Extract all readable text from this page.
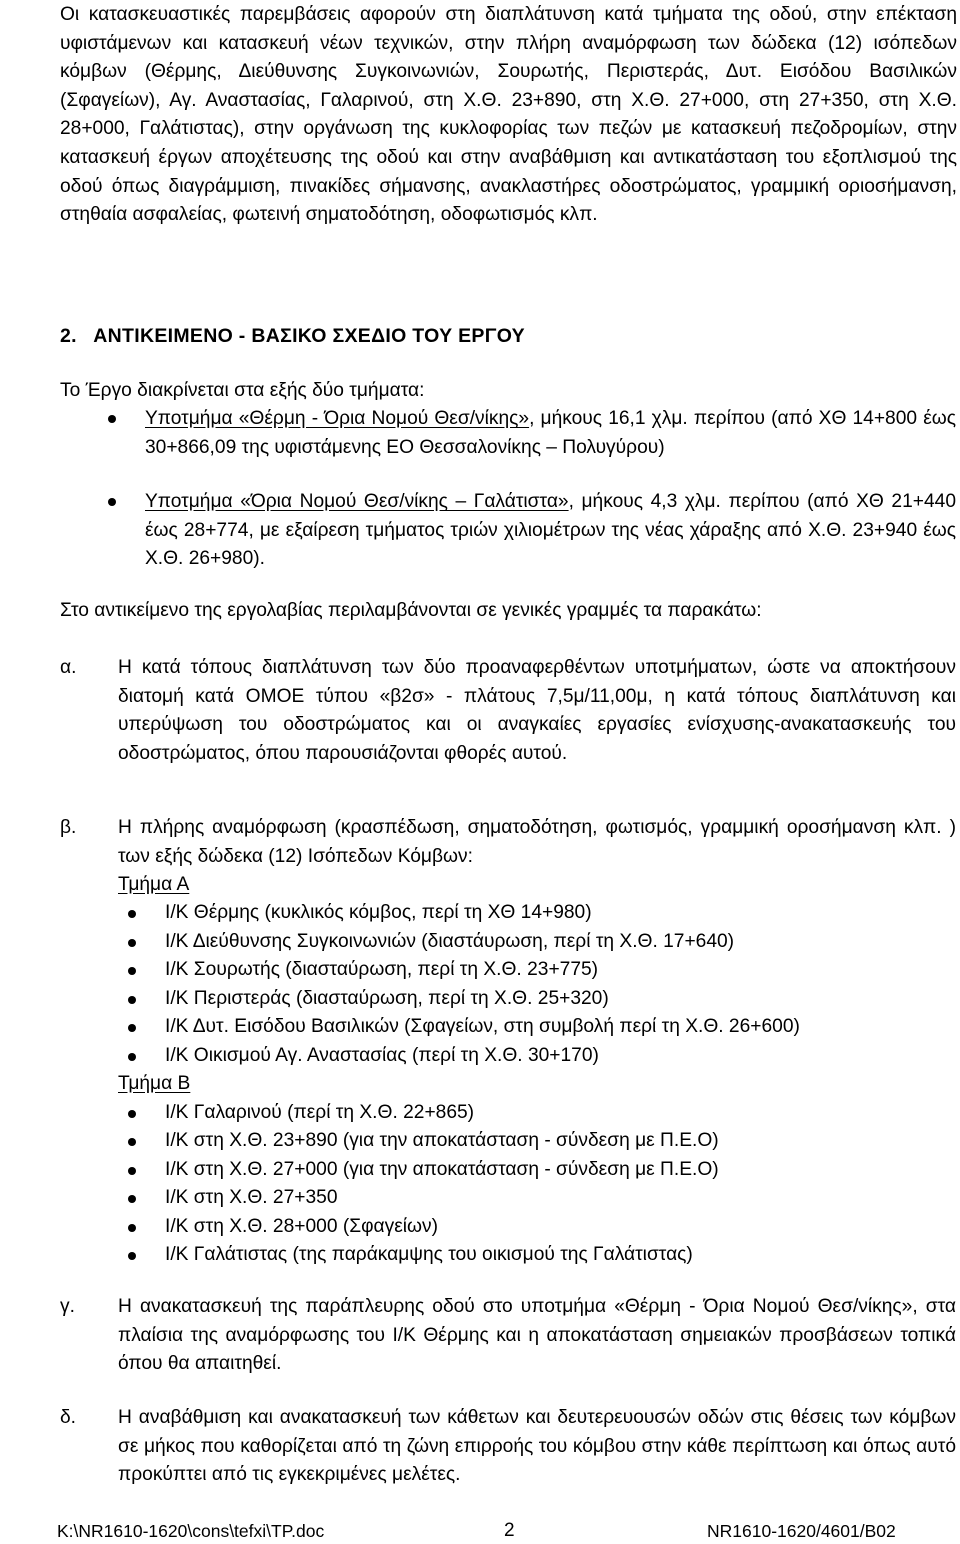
Οι κατασκευαστικές παρεμβάσεις αφορούν στη διαπλάτυνση κατά τμήματα της οδού, στην επέκταση υφιστάμενων και κατασκευή νέων τεχνικών, στην πλήρη αναμόρφωση των δώδεκα (12) ισόπεδων κόμβων (Θέρμης, Διεύθυνσης Συγκοινωνιών, Σουρωτής, Περιστεράς, Δυτ. Εισόδου Βασιλικών (Σφαγείων), Αγ. Αναστασίας, Γαλαρινού, στη Χ.Θ. 23+890, στη Χ.Θ. 27+000, στη 27+350, στη Χ.Θ. 28+000, Γαλάτιστας), στην οργάνωση της κυκλοφορίας των πεζών με κατασκευή πεζοδρομίων, στην κατασκευή έργων αποχέτευσης της οδού και στην αναβάθμιση και αντικατάσταση του εξοπλισμού της οδού όπως διαγράμμιση, πινακίδες σήμανσης, ανακλαστήρες οδοστρώματος, γραμμική οριοσήμανση, στηθαία ασφαλείας, φωτεινή σηματοδότηση, οδοφωτισμός κλπ.

2.   ΑΝΤΙΚΕΙΜΕΝΟ - ΒΑΣΙΚΟ ΣΧΕΔΙΟ ΤΟΥ ΕΡΓΟΥ

Το Έργο διακρίνεται στα εξής δύο τμήματα:

Υποτμήμα «Θέρμη - Όρια Νομού Θεσ/νίκης», μήκους 16,1 χλμ. περίπου (από ΧΘ 14+800 έως 30+866,09 της υφιστάμενης ΕΟ Θεσσαλονίκης – Πολυγύρου)

Υποτμήμα «Όρια Νομού Θεσ/νίκης – Γαλάτιστα», μήκους 4,3 χλμ. περίπου (από ΧΘ 21+440 έως 28+774, με εξαίρεση τμήματος τριών χιλιομέτρων της νέας χάραξης από Χ.Θ. 23+940 έως Χ.Θ. 26+980).

Στο αντικείμενο της εργολαβίας περιλαμβάνονται σε γενικές γραμμές τα παρακάτω:

α. Η κατά τόπους διαπλάτυνση των δύο προαναφερθέντων υποτμήματων, ώστε να αποκτήσουν διατομή κατά ΟΜΟΕ τύπου «β2σ» - πλάτους 7,5μ/11,00μ, η κατά τόπους διαπλάτυνση και υπερύψωση του οδοστρώματος και οι αναγκαίες εργασίες ενίσχυσης-ανακατασκευής του οδοστρώματος, όπου παρουσιάζονται φθορές αυτού.

β. Η πλήρης αναμόρφωση (κρασπέδωση, σηματοδότηση, φωτισμός, γραμμική οροσήμανση κλπ. ) των εξής δώδεκα (12) Ισόπεδων Κόμβων:

Τμήμα Α

Ι/Κ Θέρμης (κυκλικός κόμβος, περί τη ΧΘ 14+980)

Ι/Κ Διεύθυνσης Συγκοινωνιών (διαστάυρωση, περί τη Χ.Θ. 17+640)

Ι/Κ Σουρωτής (διασταύρωση, περί τη Χ.Θ. 23+775)

Ι/Κ Περιστεράς (διασταύρωση, περί τη Χ.Θ. 25+320)

Ι/Κ Δυτ. Εισόδου Βασιλικών (Σφαγείων, στη συμβολή περί τη Χ.Θ. 26+600)

Ι/Κ Οικισμού Αγ. Αναστασίας (περί τη Χ.Θ. 30+170)

Τμήμα Β

Ι/Κ Γαλαρινού (περί τη Χ.Θ. 22+865)

Ι/Κ στη Χ.Θ. 23+890 (για την αποκατάσταση - σύνδεση με Π.Ε.Ο)

Ι/Κ στη Χ.Θ. 27+000 (για την αποκατάσταση - σύνδεση με Π.Ε.Ο)

Ι/Κ στη Χ.Θ. 27+350

Ι/Κ στη Χ.Θ. 28+000 (Σφαγείων)

Ι/Κ Γαλάτιστας (της παράκαμψης του οικισμού της Γαλάτιστας)

γ. Η ανακατασκευή της παράπλευρης οδού στο υποτμήμα «Θέρμη - Όρια Νομού Θεσ/νίκης», στα πλαίσια της αναμόρφωσης του Ι/Κ Θέρμης και η αποκατάσταση σημειακών προσβάσεων τοπικά όπου θα απαιτηθεί.

δ. Η αναβάθμιση και ανακατασκευή των κάθετων και δευτερευουσών οδών στις θέσεις των κόμβων σε μήκος που καθορίζεται από τη ζώνη επιρροής του κόμβου στην κάθε περίπτωση και όπως αυτό προκύπτει από τις εγκεκριμένες μελέτες.

K:\NR1610-1620\cons\tefxi\TP.doc	2	NR1610-1620/4601/B02
